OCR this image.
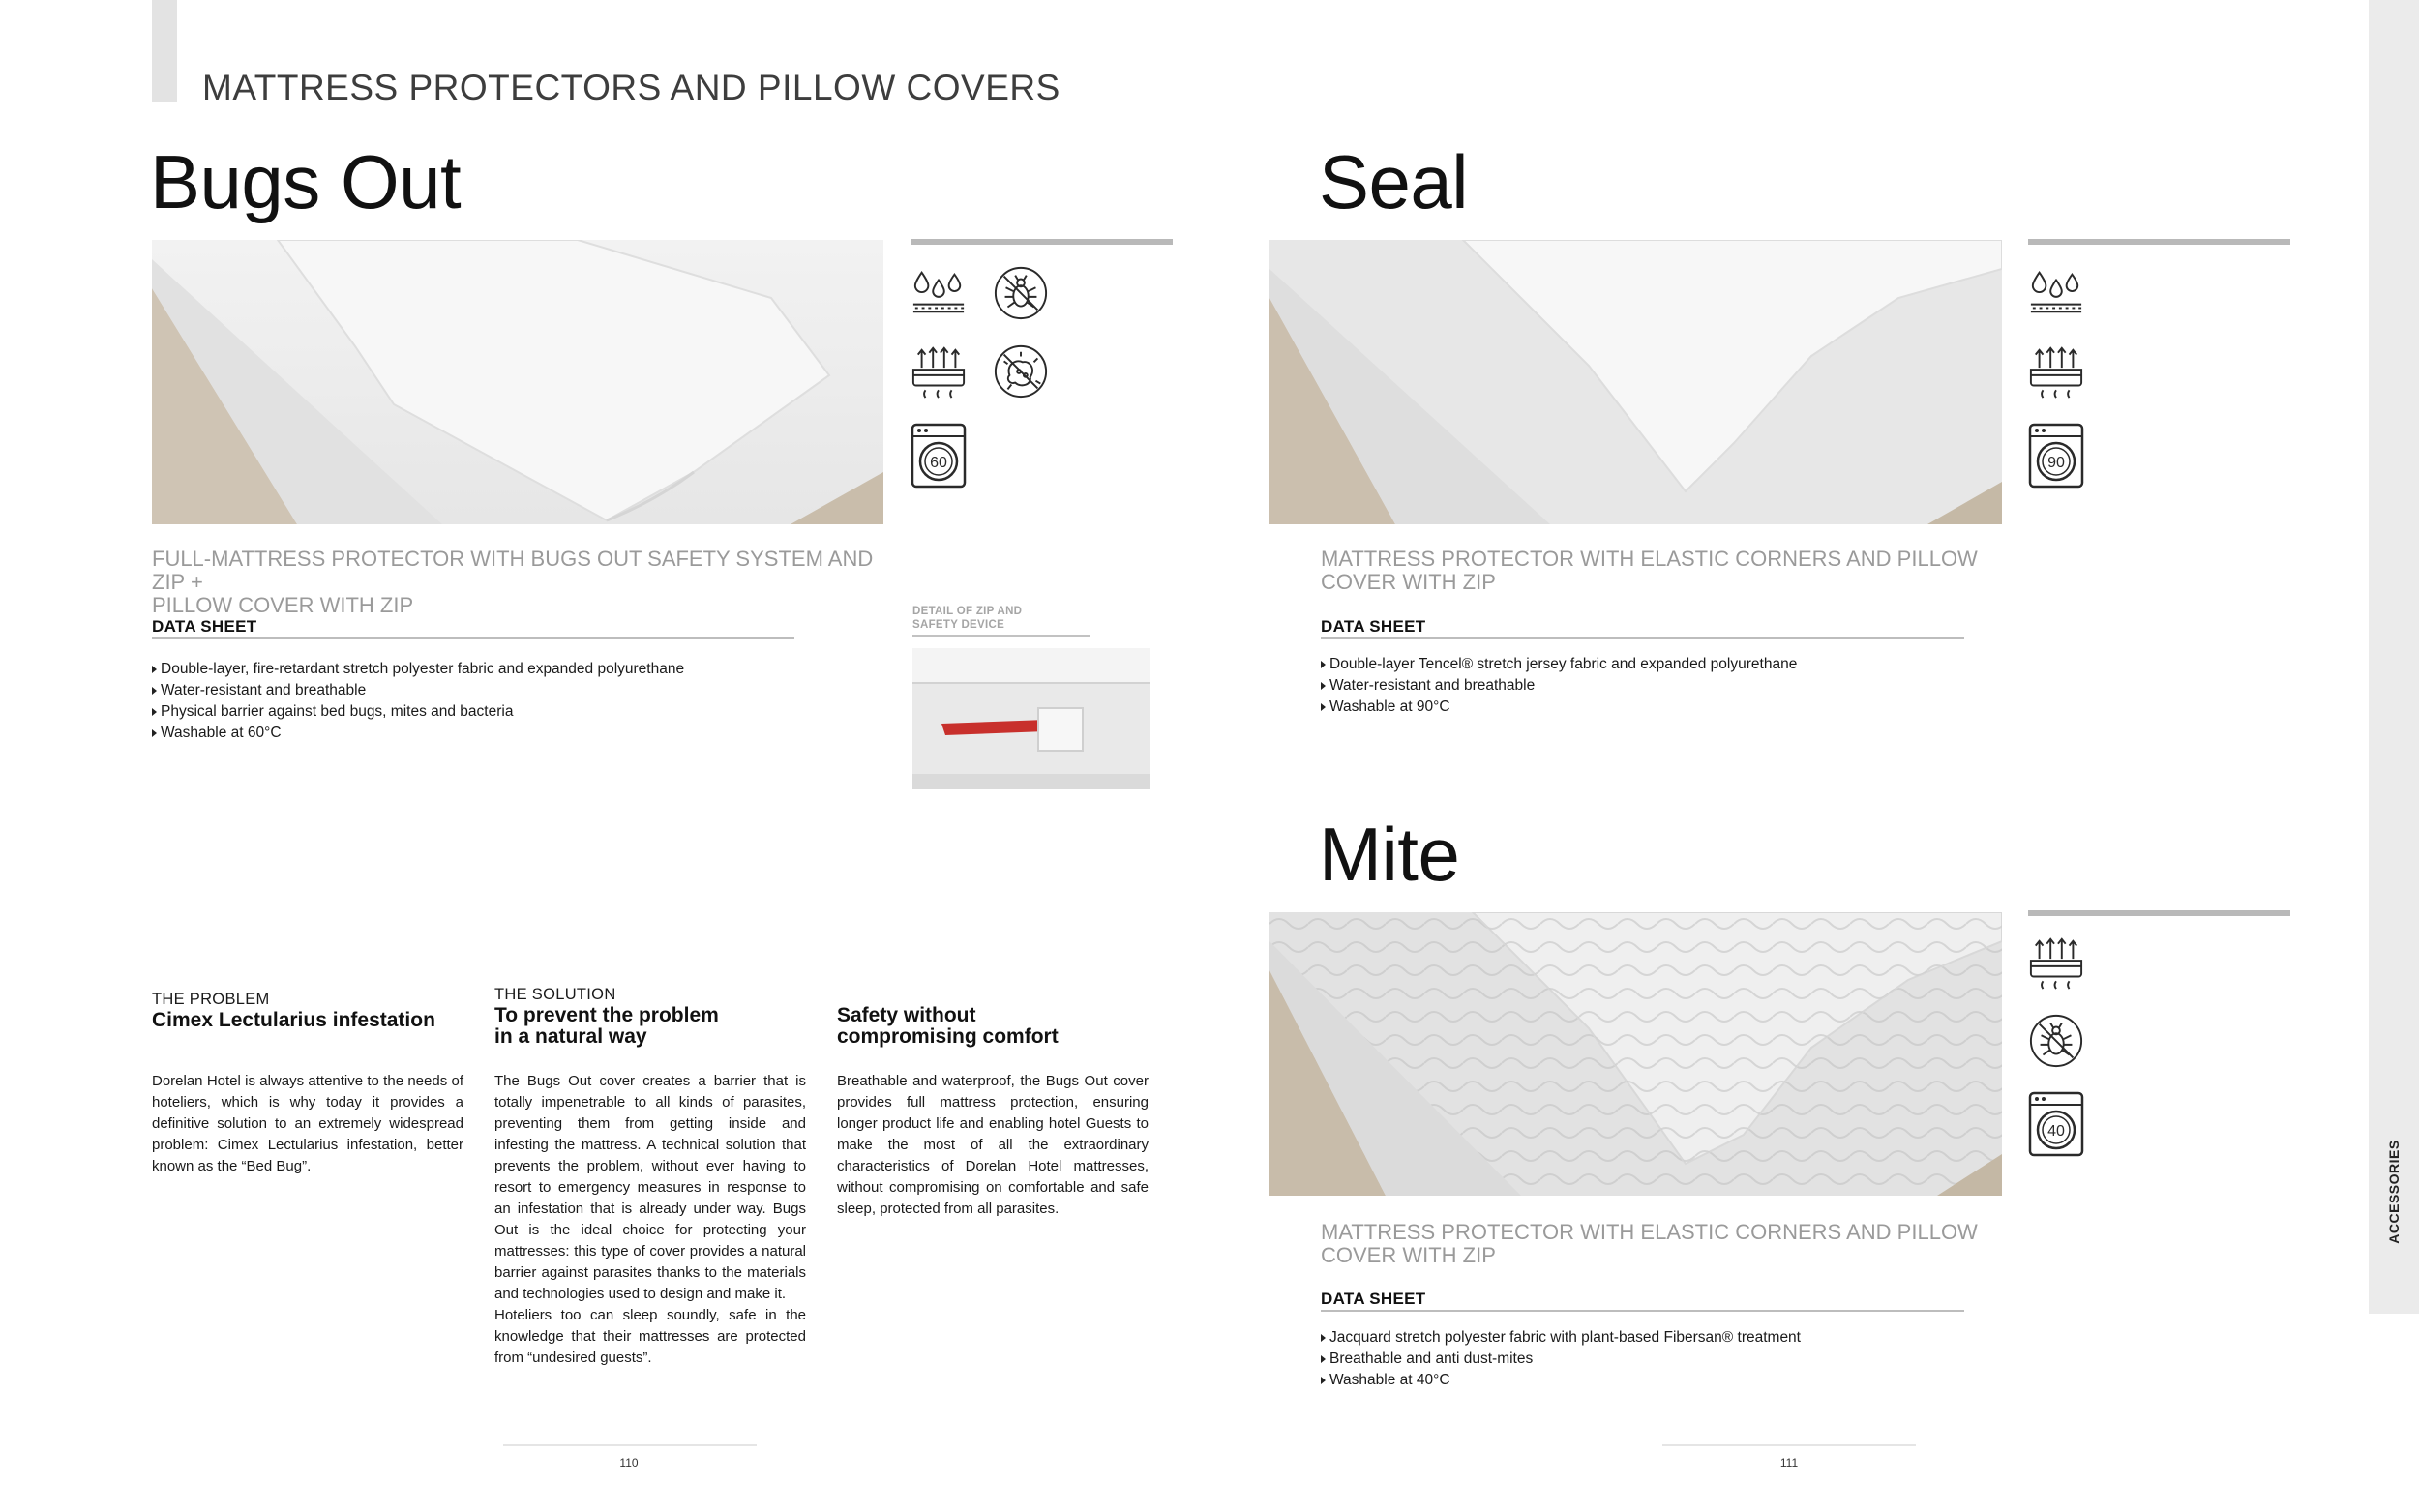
MATTRESS PROTECTORS AND PILLOW COVERS
Bugs Out
60
FULL-MATTRESS PROTECTOR WITH BUGS OUT SAFETY SYSTEM AND ZIP +
PILLOW COVER WITH ZIP
DATA SHEET
Double-layer, fire-retardant stretch polyester fabric and expanded polyurethane
Water-resistant and breathable
Physical barrier against bed bugs, mites and bacteria
Washable at 60°C
DETAIL OF ZIP AND
SAFETY DEVICE
THE PROBLEM
Cimex Lectularius infestation
Dorelan Hotel is always attentive to the needs of hoteliers, which is why today it provides a definitive solution to an extremely widespread problem: Cimex Lectularius infestation, better known as the “Bed Bug”.
THE SOLUTION
To prevent the problem
in a natural way
The Bugs Out cover creates a barrier that is totally impenetrable to all kinds of parasites, preventing them from getting inside and infesting the mattress. A technical solution that prevents the problem, without ever having to resort to emergency measures in response to an infestation that is already under way. Bugs Out is the ideal choice for protecting your mattresses: this type of cover provides a natural barrier against parasites thanks to the materials and technologies used to design and make it.
Hoteliers too can sleep soundly, safe in the knowledge that their mattresses are protected from “undesired guests”.
Safety without
compromising comfort
Breathable and waterproof, the Bugs Out cover provides full mattress protection, ensuring longer product life and enabling hotel Guests to make the most of all the extraordinary characteristics of Dorelan Hotel mattresses, without compromising on comfortable and safe sleep, protected from all parasites.
Seal
90
MATTRESS PROTECTOR WITH ELASTIC CORNERS AND PILLOW
COVER WITH ZIP
DATA SHEET
Double-layer Tencel® stretch jersey fabric and expanded polyurethane
Water-resistant and breathable
Washable at 90°C
Mite
40
MATTRESS PROTECTOR WITH ELASTIC CORNERS AND PILLOW
COVER WITH ZIP
DATA SHEET
Jacquard stretch polyester fabric with plant-based Fibersan® treatment
Breathable and anti dust-mites
Washable at 40°C
110	111
ACCESSORIES
